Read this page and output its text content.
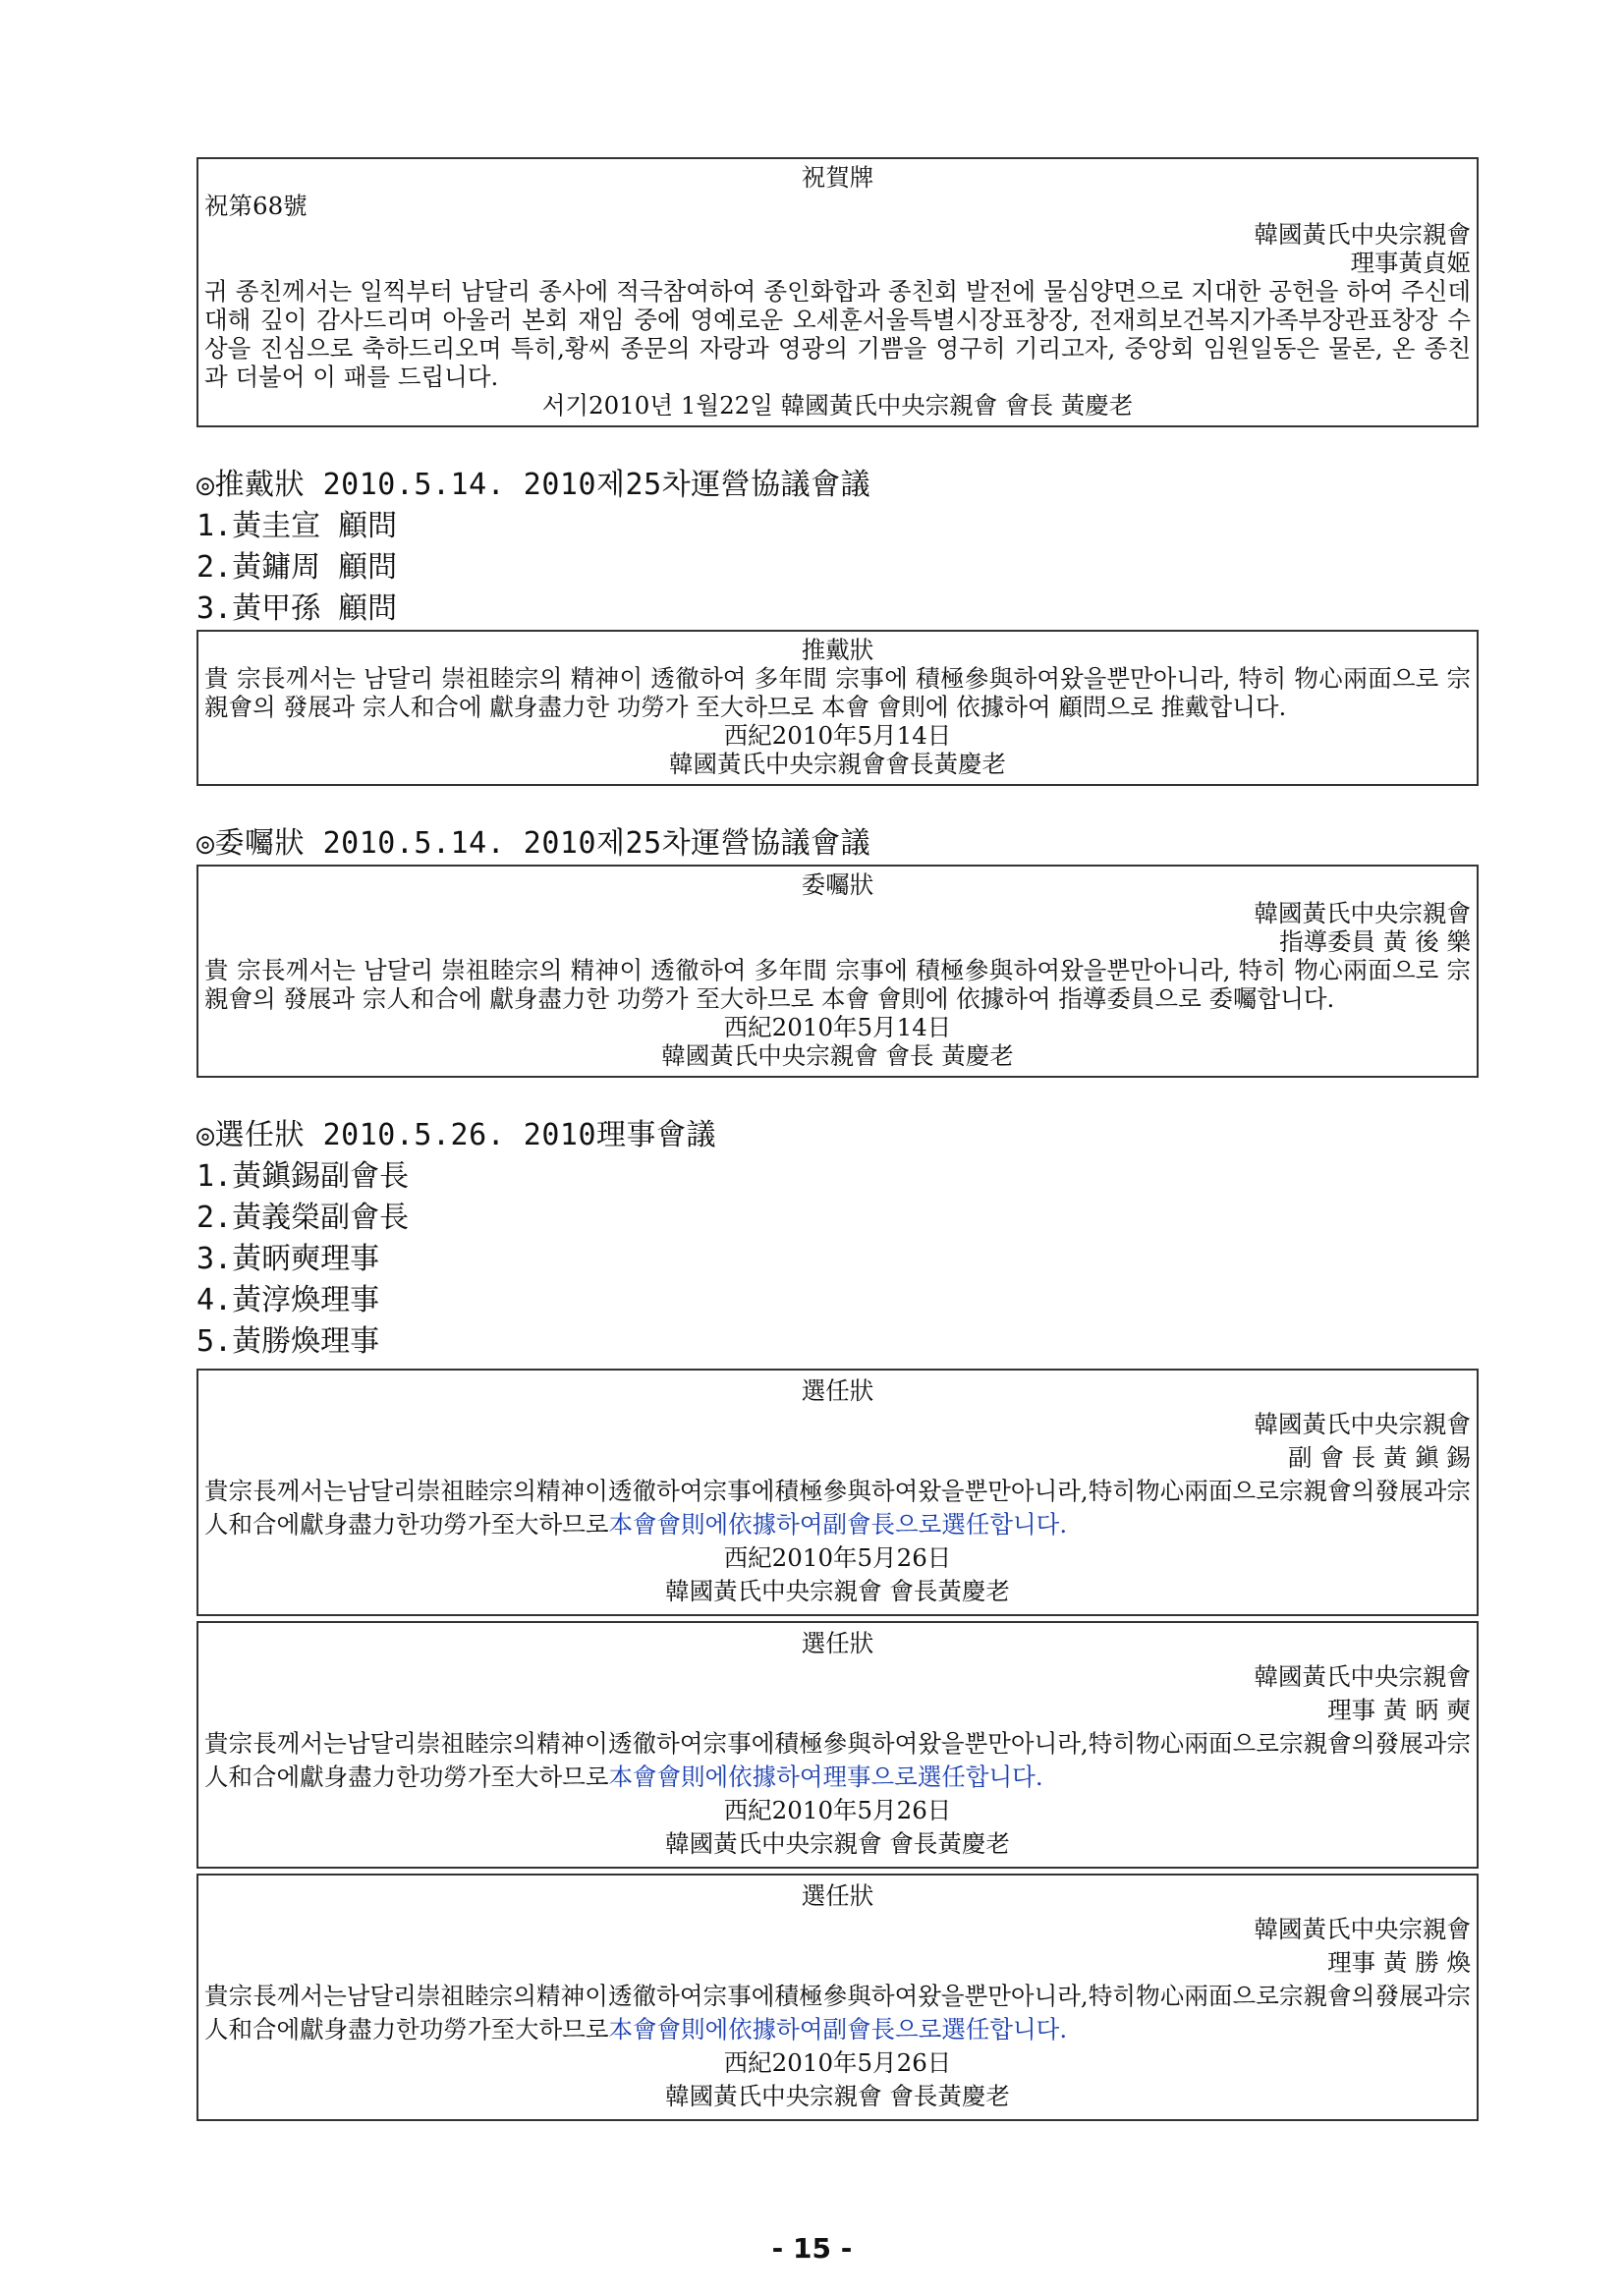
祝賀牌
祝第68號
韓國黃氏中央宗親會
理事黃貞姬
귀 종친께서는 일찍부터 남달리 종사에 적극참여하여 종인화합과 종친회 발전에 물심양면으로 지대한 공헌을 하여 주신데 대해 깊이 감사드리며 아울러 본회 재임 중에 영예로운 오세훈서울특별시장표창장, 전재희보건복지가족부장관표창장 수상을 진심으로 축하드리오며 특히,황씨 종문의 자랑과 영광의 기쁨을 영구히 기리고자, 중앙회 임원일동은 물론, 온 종친과 더불어 이 패를 드립니다.
서기2010년 1월22일 韓國黃氏中央宗親會 會長 黃慶老
◎推戴狀 2010.5.14. 2010제25차運營協議會議
1.黃圭宣 顧問
2.黃鏞周 顧問
3.黃甲孫 顧問
推戴狀
貴 宗長께서는 남달리 崇祖睦宗의 精神이 透徹하여 多年間 宗事에 積極參與하여왔을뿐만아니라, 特히 物心兩面으로 宗親會의 發展과 宗人和合에 獻身盡力한 功勞가 至大하므로 本會 會則에 依據하여 顧問으로 推戴합니다.
西紀2010年5月14日
韓國黃氏中央宗親會會長黃慶老
◎委囑狀 2010.5.14. 2010제25차運營協議會議
委囑狀
韓國黃氏中央宗親會
指導委員 黃 後 樂
貴 宗長께서는 남달리 崇祖睦宗의 精神이 透徹하여 多年間 宗事에 積極參與하여왔을뿐만아니라, 特히 物心兩面으로 宗親會의 發展과 宗人和合에 獻身盡力한 功勞가 至大하므로 本會 會則에 依據하여 指導委員으로 委囑합니다.
西紀2010年5月14日
韓國黃氏中央宗親會 會長 黃慶老
◎選任狀 2010.5.26. 2010理事會議
1.黃鎭錫副會長
2.黃義榮副會長
3.黃昞奭理事
4.黃淳煥理事
5.黃勝煥理事
選任狀
韓國黃氏中央宗親會
副 會 長 黃 鎭 錫
貴宗長께서는남달리崇祖睦宗의精神이透徹하여宗事에積極參與하여왔을뿐만아니라,特히物心兩面으로宗親會의發展과宗人和合에獻身盡力한功勞가至大하므로本會會則에依據하여副會長으로選任합니다.
西紀2010年5月26日
韓國黃氏中央宗親會 會長黃慶老
選任狀
韓國黃氏中央宗親會
理事 黃 昞 奭
貴宗長께서는남달리崇祖睦宗의精神이透徹하여宗事에積極參與하여왔을뿐만아니라,特히物心兩面으로宗親會의發展과宗人和合에獻身盡力한功勞가至大하므로本會會則에依據하여理事으로選任합니다.
西紀2010年5月26日
韓國黃氏中央宗親會 會長黃慶老
選任狀
韓國黃氏中央宗親會
理事 黃 勝 煥
貴宗長께서는남달리崇祖睦宗의精神이透徹하여宗事에積極參與하여왔을뿐만아니라,特히物心兩面으로宗親會의發展과宗人和合에獻身盡力한功勞가至大하므로本會會則에依據하여副會長으로選任합니다.
西紀2010年5月26日
韓國黃氏中央宗親會 會長黃慶老
- 15 -
